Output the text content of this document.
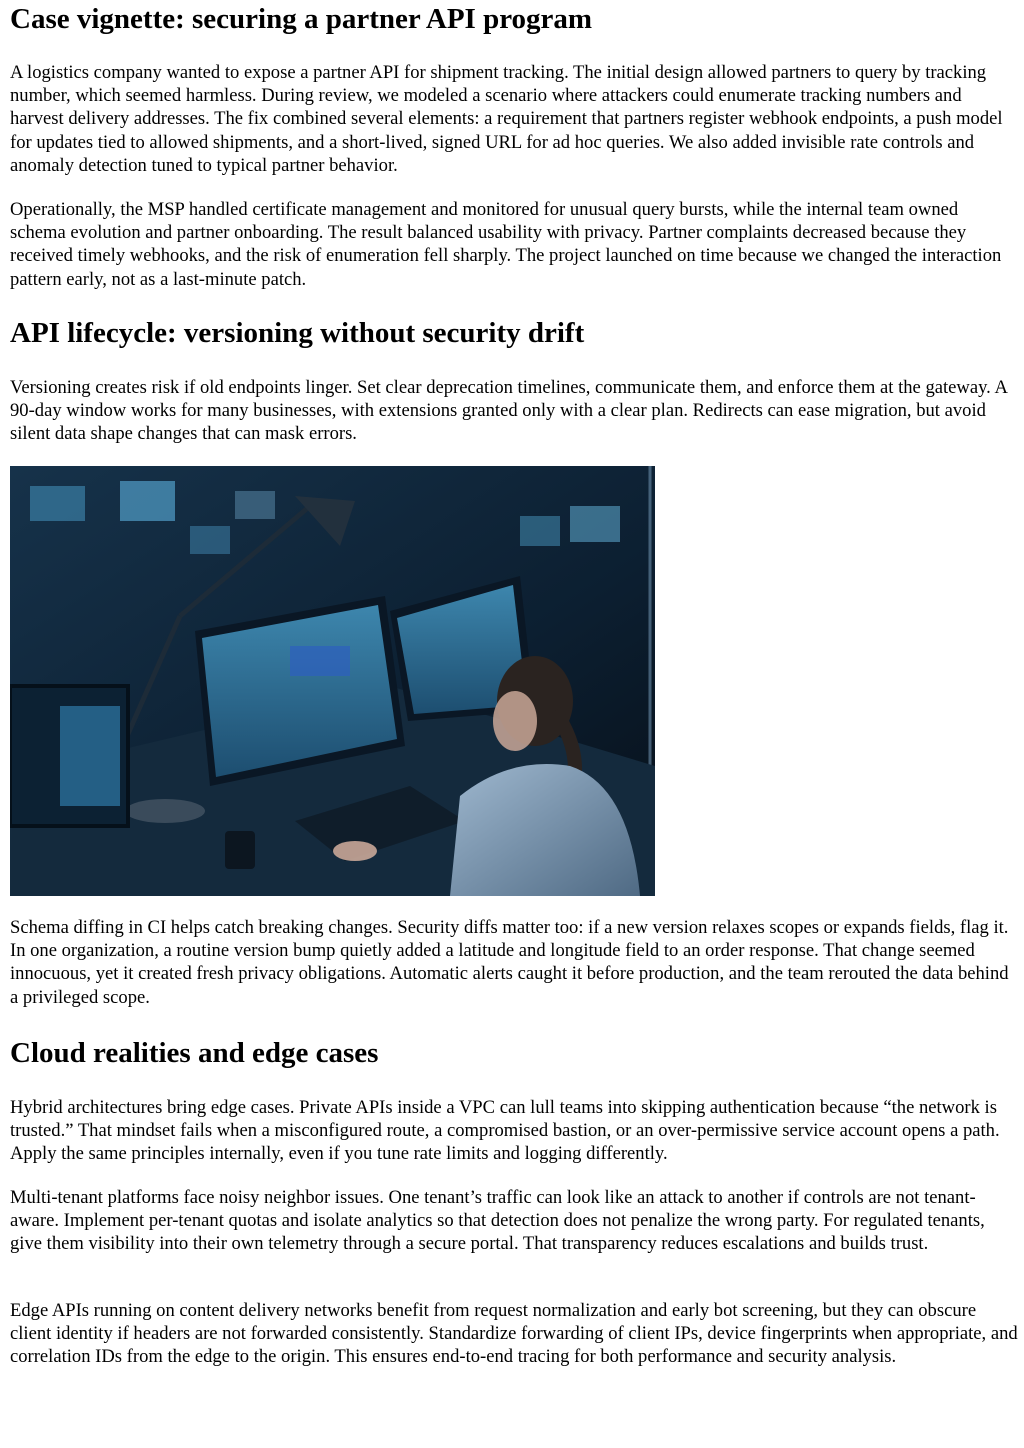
Case vignette: securing a partner API program

A logistics company wanted to expose a partner API for shipment tracking. The initial design allowed partners to query by tracking number, which seemed harmless. During review, we modeled a scenario where attackers could enumerate tracking numbers and harvest delivery addresses. The fix combined several elements: a requirement that partners register webhook endpoints, a push model for updates tied to allowed shipments, and a short-lived, signed URL for ad hoc queries. We also added invisible rate controls and anomaly detection tuned to typical partner behavior.

Operationally, the MSP handled certificate management and monitored for unusual query bursts, while the internal team owned schema evolution and partner onboarding. The result balanced usability with privacy. Partner complaints decreased because they received timely webhooks, and the risk of enumeration fell sharply. The project launched on time because we changed the interaction pattern early, not as a last-minute patch.

API lifecycle: versioning without security drift

Versioning creates risk if old endpoints linger. Set clear deprecation timelines, communicate them, and enforce them at the gateway. A 90-day window works for many businesses, with extensions granted only with a clear plan. Redirects can ease migration, but avoid silent data shape changes that can mask errors.

Schema diffing in CI helps catch breaking changes. Security diffs matter too: if a new version relaxes scopes or expands fields, flag it. In one organization, a routine version bump quietly added a latitude and longitude field to an order response. That change seemed innocuous, yet it created fresh privacy obligations. Automatic alerts caught it before production, and the team rerouted the data behind a privileged scope.

Cloud realities and edge cases

Hybrid architectures bring edge cases. Private APIs inside a VPC can lull teams into skipping authentication because “the network is trusted.” That mindset fails when a misconfigured route, a compromised bastion, or an over-permissive service account opens a path. Apply the same principles internally, even if you tune rate limits and logging differently.

Multi-tenant platforms face noisy neighbor issues. One tenant’s traffic can look like an attack to another if controls are not tenant-aware. Implement per-tenant quotas and isolate analytics so that detection does not penalize the wrong party. For regulated tenants, give them visibility into their own telemetry through a secure portal. That transparency reduces escalations and builds trust.

Edge APIs running on content delivery networks benefit from request normalization and early bot screening, but they can obscure client identity if headers are not forwarded consistently. Standardize forwarding of client IPs, device fingerprints when appropriate, and correlation IDs from the edge to the origin. This ensures end-to-end tracing for both performance and security analysis.
